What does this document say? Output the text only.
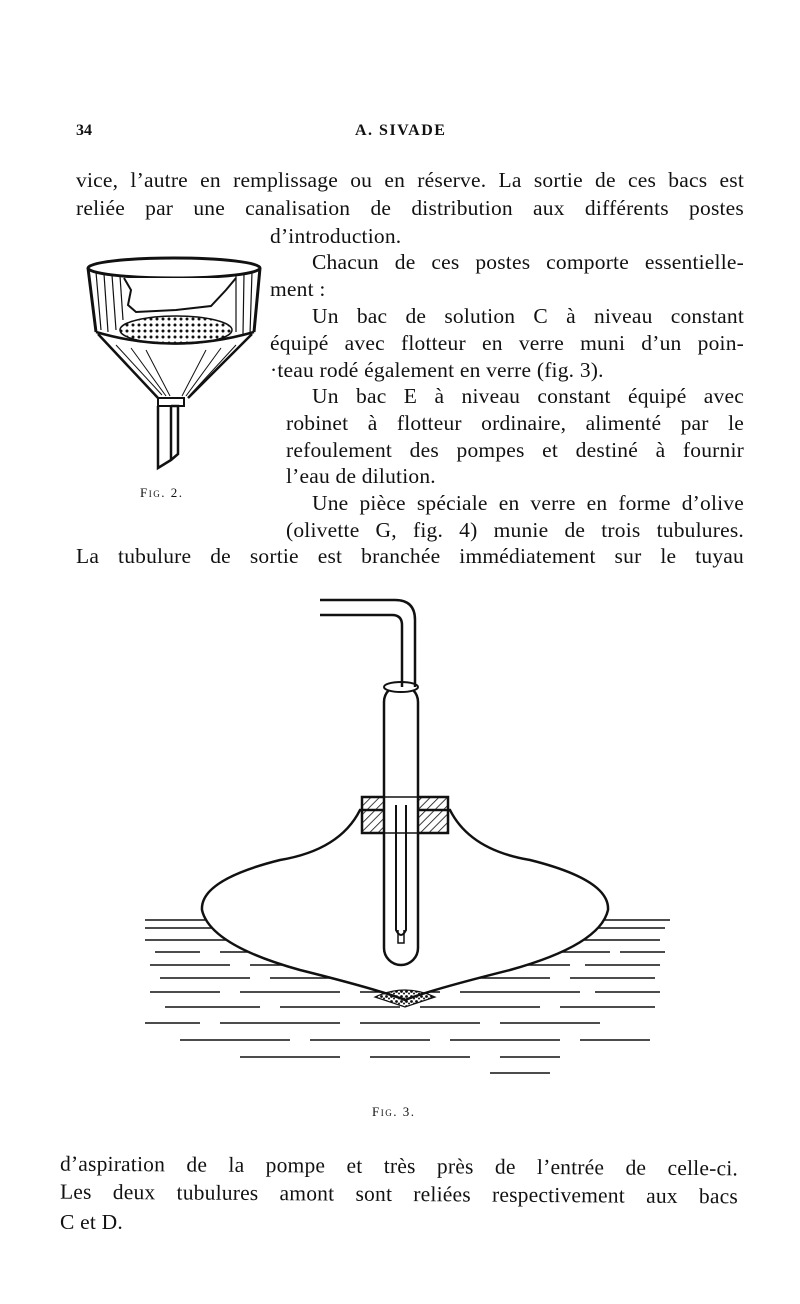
34	A. SIVADE
vice, l’autre en remplissage ou en réserve. La sortie de ces bacs est
reliée par une canalisation de distribution aux différents postes
d’introduction.
Chacun de ces postes comporte essentielle-
ment :
Un bac de solution C à niveau constant
équipé avec flotteur en verre muni d’un poin-
·teau rodé également en verre (fig. 3).
Un bac E à niveau constant équipé avec
robinet à flotteur ordinaire, alimenté par le
refoulement des pompes et destiné à fournir
l’eau de dilution.
Une pièce spéciale en verre en forme d’olive
(olivette G, fig. 4) munie de trois tubulures.
La tubulure de sortie est branchée immédiatement sur le tuyau
Fig. 2.
Fig. 3.
d’aspiration de la pompe et très près de l’entrée de celle-ci.
Les deux tubulures amont sont reliées respectivement aux bacs
C et D.
